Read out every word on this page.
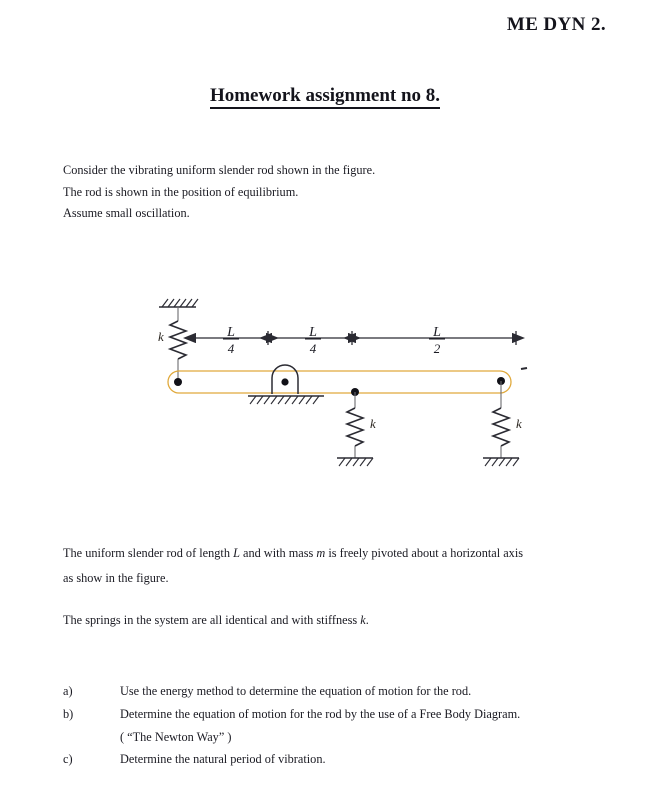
ME DYN 2.
Homework assignment no 8.
Consider the vibrating uniform slender rod shown in the figure.
The rod is shown in the position of equilibrium.
Assume small oscillation.
k	L
4
L
4
L
2
k	k
The uniform slender rod of length L and with mass m is freely pivoted about a horizontal axis
as show in the figure.
The springs in the system are all identical and with stiffness k.
a)	Use the energy method to determine the equation of motion for the rod.
b)	Determine the equation of motion for the rod by the use of a Free Body Diagram.
( “The Newton Way” )
c)	Determine the natural period of vibration.
